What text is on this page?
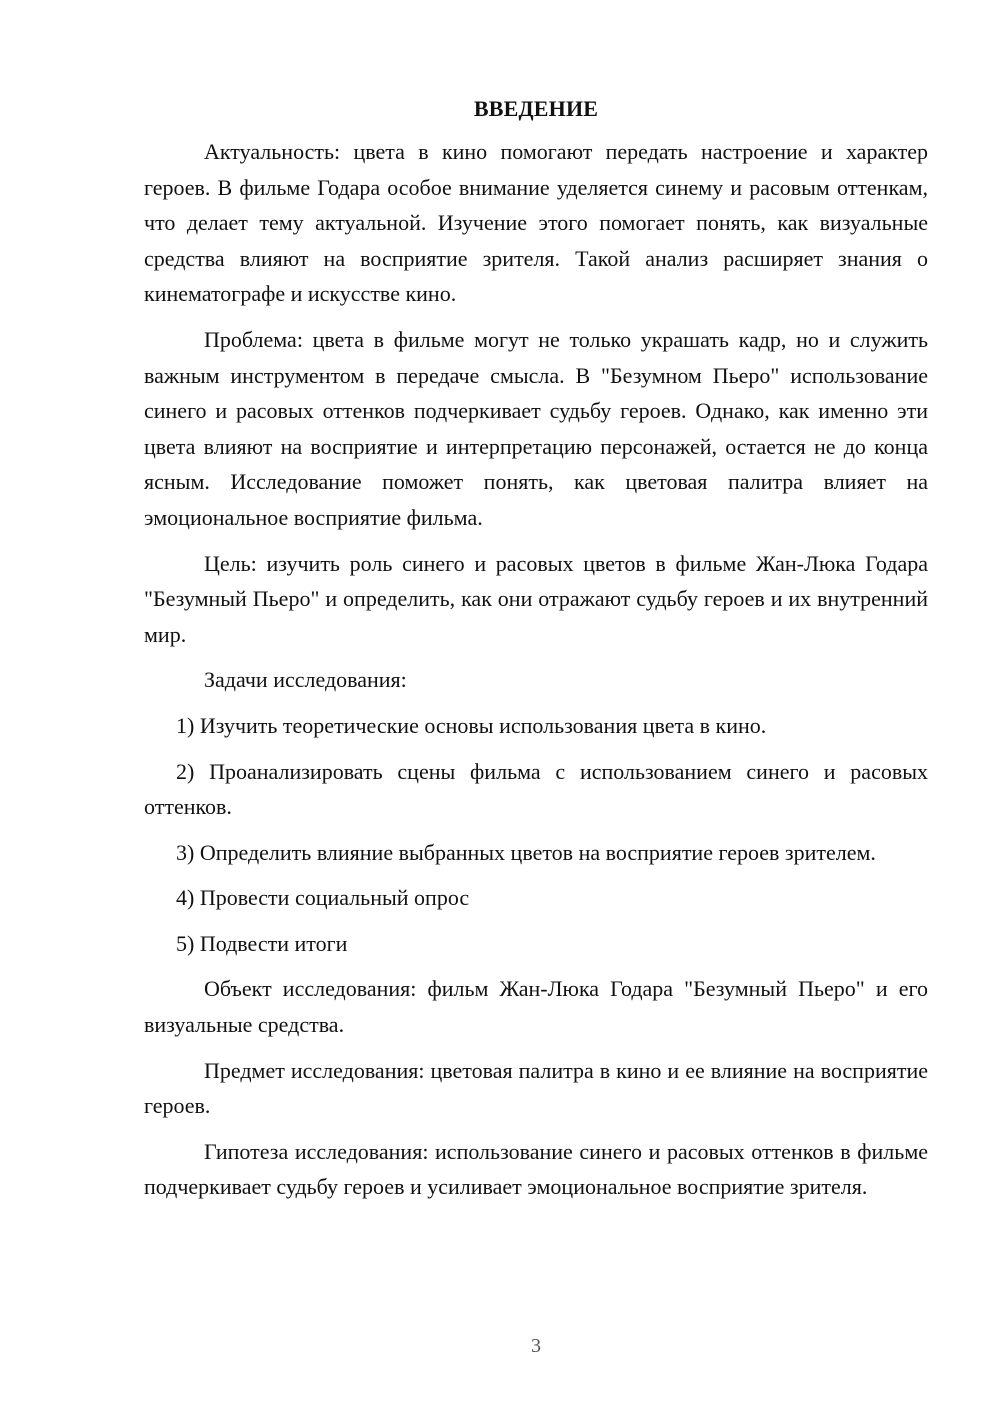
ВВЕДЕНИЕ

Актуальность: цвета в кино помогают передать настроение и характер героев. В фильме Годара особое внимание уделяется синему и расовым оттенкам, что делает тему актуальной. Изучение этого помогает понять, как визуальные средства влияют на восприятие зрителя. Такой анализ расширяет знания о кинематографе и искусстве кино.

Проблема: цвета в фильме могут не только украшать кадр, но и служить важным инструментом в передаче смысла. В "Безумном Пьеро" использование синего и расовых оттенков подчеркивает судьбу героев. Однако, как именно эти цвета влияют на восприятие и интерпретацию персонажей, остается не до конца ясным. Исследование поможет понять, как цветовая палитра влияет на эмоциональное восприятие фильма.

Цель: изучить роль синего и расовых цветов в фильме Жан-Люка Годара "Безумный Пьеро" и определить, как они отражают судьбу героев и их внутренний мир.

Задачи исследования:

1) Изучить теоретические основы использования цвета в кино.

2) Проанализировать сцены фильма с использованием синего и расовых оттенков.

3) Определить влияние выбранных цветов на восприятие героев зрителем.

4) Провести социальный опрос

5) Подвести итоги

Объект исследования: фильм Жан-Люка Годара "Безумный Пьеро" и его визуальные средства.

Предмет исследования: цветовая палитра в кино и ее влияние на восприятие героев.

Гипотеза исследования: использование синего и расовых оттенков в фильме подчеркивает судьбу героев и усиливает эмоциональное восприятие зрителя.

3
